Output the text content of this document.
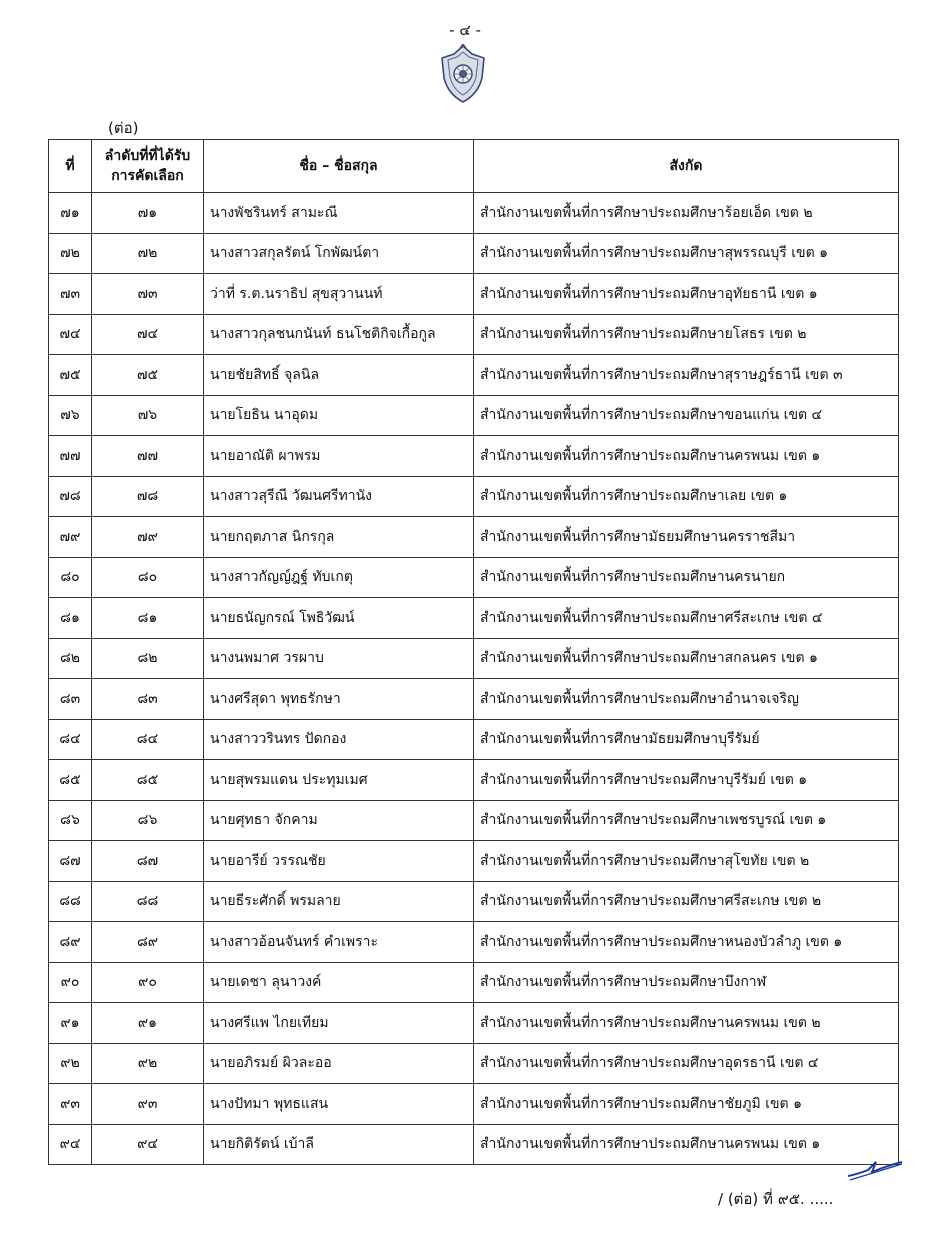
- ๔ -
(ต่อ)
ที่	ลำดับที่ที่ได้รับ
การคัดเลือก	ชื่อ – ชื่อสกุล	สังกัด
๗๑	๗๑	นางพัชรินทร์ สามะณี	สำนักงานเขตพื้นที่การศึกษาประถมศึกษาร้อยเอ็ด เขต ๒
๗๒	๗๒	นางสาวสกุลรัตน์ โกพัฒน์ตา	สำนักงานเขตพื้นที่การศึกษาประถมศึกษาสุพรรณบุรี เขต ๑
๗๓	๗๓	ว่าที่ ร.ต.นราธิป สุขสุวานนท์	สำนักงานเขตพื้นที่การศึกษาประถมศึกษาอุทัยธานี เขต ๑
๗๔	๗๔	นางสาวกุลชนกนันท์ ธนโชติกิจเกื้อกูล	สำนักงานเขตพื้นที่การศึกษาประถมศึกษายโสธร เขต ๒
๗๕	๗๕	นายชัยสิทธิ์ จุลนิล	สำนักงานเขตพื้นที่การศึกษาประถมศึกษาสุราษฎร์ธานี เขต ๓
๗๖	๗๖	นายโยธิน นาอุดม	สำนักงานเขตพื้นที่การศึกษาประถมศึกษาขอนแก่น เขต ๔
๗๗	๗๗	นายอาณัติ ผาพรม	สำนักงานเขตพื้นที่การศึกษาประถมศึกษานครพนม เขต ๑
๗๘	๗๘	นางสาวสุรีณี วัฒนศรีทานัง	สำนักงานเขตพื้นที่การศึกษาประถมศึกษาเลย เขต ๑
๗๙	๗๙	นายกฤตภาส นิกรกุล	สำนักงานเขตพื้นที่การศึกษามัธยมศึกษานครราชสีมา
๘๐	๘๐	นางสาวกัญญ์ฎฐ์ ทับเกตุ	สำนักงานเขตพื้นที่การศึกษาประถมศึกษานครนายก
๘๑	๘๑	นายธนัญกรณ์ โพธิวัฒน์	สำนักงานเขตพื้นที่การศึกษาประถมศึกษาศรีสะเกษ เขต ๔
๘๒	๘๒	นางนพมาศ วรผาบ	สำนักงานเขตพื้นที่การศึกษาประถมศึกษาสกลนคร เขต ๑
๘๓	๘๓	นางศรีสุดา พุทธรักษา	สำนักงานเขตพื้นที่การศึกษาประถมศึกษาอำนาจเจริญ
๘๔	๘๔	นางสาววรินทร ปัดกอง	สำนักงานเขตพื้นที่การศึกษามัธยมศึกษาบุรีรัมย์
๘๕	๘๕	นายสุพรมแดน ประทุมเมศ	สำนักงานเขตพื้นที่การศึกษาประถมศึกษาบุรีรัมย์ เขต ๑
๘๖	๘๖	นายศุทธา จักคาม	สำนักงานเขตพื้นที่การศึกษาประถมศึกษาเพชรบูรณ์ เขต ๑
๘๗	๘๗	นายอารีย์ วรรณชัย	สำนักงานเขตพื้นที่การศึกษาประถมศึกษาสุโขทัย เขต ๒
๘๘	๘๘	นายธีระศักดิ์ พรมลาย	สำนักงานเขตพื้นที่การศึกษาประถมศึกษาศรีสะเกษ เขต ๒
๘๙	๘๙	นางสาวอ้อนจันทร์ คำเพราะ	สำนักงานเขตพื้นที่การศึกษาประถมศึกษาหนองบัวลำภู เขต ๑
๙๐	๙๐	นายเดชา ลุนาวงค์	สำนักงานเขตพื้นที่การศึกษาประถมศึกษาบึงกาฬ
๙๑	๙๑	นางศรีแพ ไกยเทียม	สำนักงานเขตพื้นที่การศึกษาประถมศึกษานครพนม เขต ๒
๙๒	๙๒	นายอภิรมย์ ผิวละออ	สำนักงานเขตพื้นที่การศึกษาประถมศึกษาอุดรธานี เขต ๔
๙๓	๙๓	นางปัทมา พุทธแสน	สำนักงานเขตพื้นที่การศึกษาประถมศึกษาชัยภูมิ เขต ๑
๙๔	๙๔	นายกิติรัตน์ เบ้าลี	สำนักงานเขตพื้นที่การศึกษาประถมศึกษานครพนม เขต ๑
/ (ต่อ) ที่ ๙๕. .....
